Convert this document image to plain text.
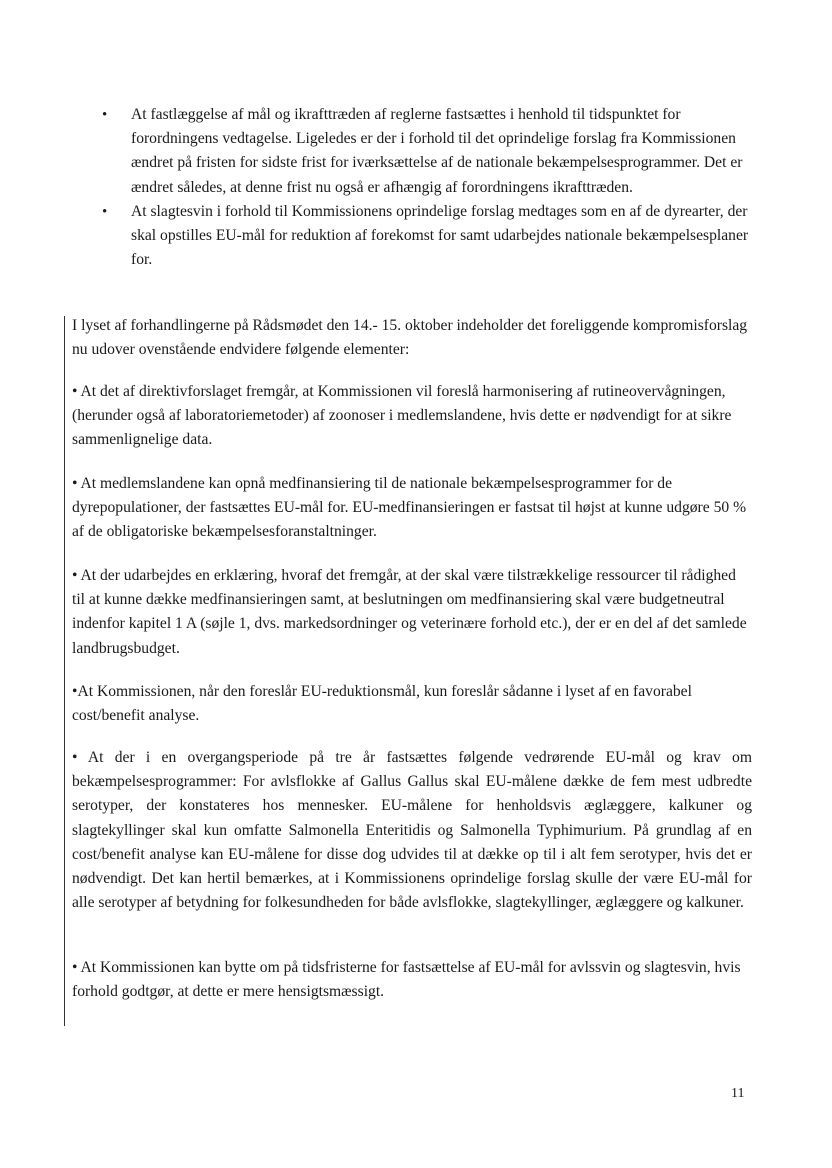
• At fastlæggelse af mål og ikrafttræden af reglerne fastsættes i henhold til tidspunktet for forordningens vedtagelse. Ligeledes er der i forhold til det oprindelige forslag fra Kommissionen ændret på fristen for sidste frist for iværksættelse af de nationale bekæmpelsesprogrammer. Det er ændret således, at denne frist nu også er afhængig af forordningens ikrafttræden.
• At slagtesvin i forhold til Kommissionens oprindelige forslag medtages som en af de dyrearter, der skal opstilles EU-mål for reduktion af forekomst for samt udarbejdes nationale bekæmpelsesplaner for.

I lyset af forhandlingerne på Rådsmødet den 14.- 15. oktober indeholder det foreliggende kompromisforslag nu udover ovenstående endvidere følgende elementer:

• At det af direktivforslaget fremgår, at Kommissionen vil foreslå harmonisering af rutineovervågningen, (herunder også af laboratoriemetoder) af zoonoser i medlemslandene, hvis dette er nødvendigt for at sikre sammenlignelige data.

• At medlemslandene kan opnå medfinansiering til de nationale bekæmpelsesprogrammer for de dyrepopulationer, der fastsættes EU-mål for. EU-medfinansieringen er fastsat til højst at kunne udgøre 50 % af de obligatoriske bekæmpelsesforanstaltninger.

• At der udarbejdes en erklæring, hvoraf det fremgår, at der skal være tilstrækkelige ressourcer til rådighed til at kunne dække medfinansieringen samt, at beslutningen om medfinansiering skal være budgetneutral indenfor kapitel 1 A (søjle 1, dvs. markedsordninger og veterinære forhold etc.), der er en del af det samlede landbrugsbudget.

•At Kommissionen, når den foreslår EU-reduktionsmål, kun foreslår sådanne i lyset af en favorabel cost/benefit analyse.

• At der i en overgangsperiode på tre år fastsættes følgende vedrørende EU-mål og krav om bekæmpelsesprogrammer: For avlsflokke af Gallus Gallus skal EU-målene dække de fem mest udbredte serotyper, der konstateres hos mennesker. EU-målene for henholdsvis æglæggere, kalkuner og slagtekyllinger skal kun omfatte Salmonella Enteritidis og Salmonella Typhimurium. På grundlag af en cost/benefit analyse kan EU-målene for disse dog udvides til at dække op til i alt fem serotyper, hvis det er nødvendigt. Det kan hertil bemærkes, at i Kommissionens oprindelige forslag skulle der være EU-mål for alle serotyper af betydning for folkesundheden for både avlsflokke, slagtekyllinger, æglæggere og kalkuner.

• At Kommissionen kan bytte om på tidsfristerne for fastsættelse af EU-mål for avlssvin og slagtesvin, hvis forhold godtgør, at dette er mere hensigtsmæssigt.

11
